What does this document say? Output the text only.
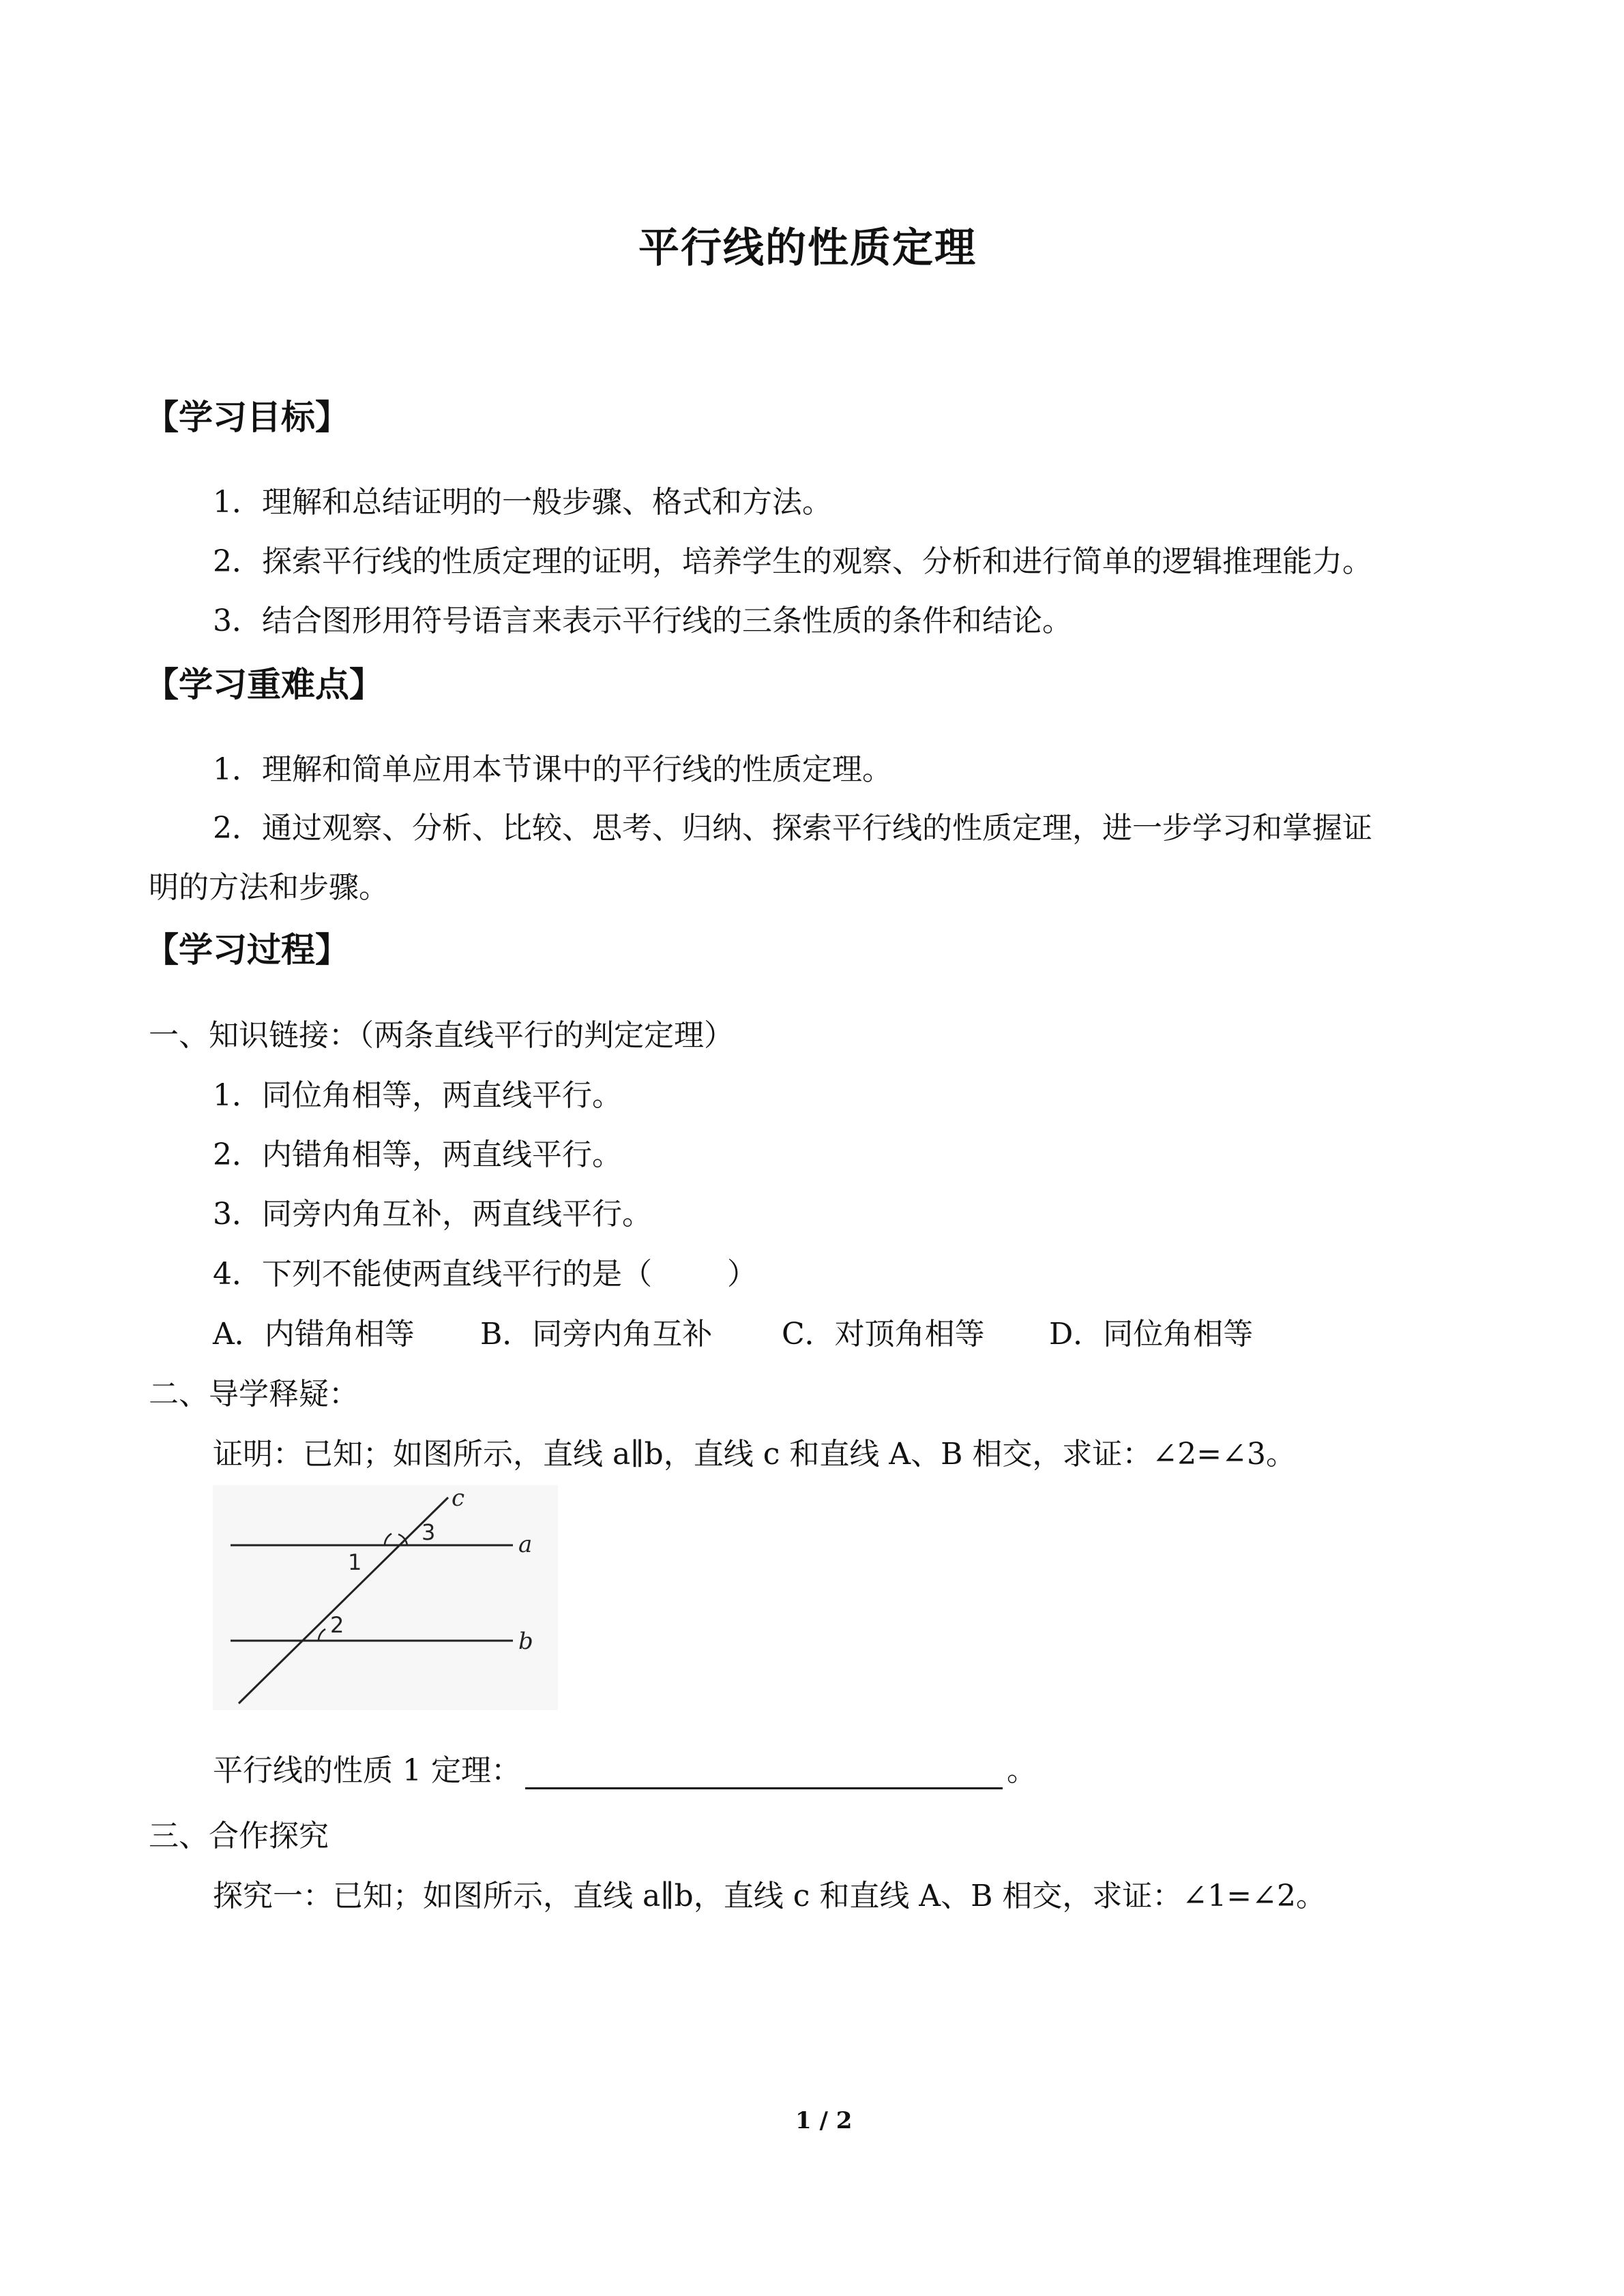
平行线的性质定理
【学习目标】
1．理解和总结证明的一般步骤、格式和方法。
2．探索平行线的性质定理的证明，培养学生的观察、分析和进行简单的逻辑推理能力。
3．结合图形用符号语言来表示平行线的三条性质的条件和结论。
【学习重难点】
1．理解和简单应用本节课中的平行线的性质定理。
2．通过观察、分析、比较、思考、归纳、探索平行线的性质定理，进一步学习和掌握证
明的方法和步骤。
【学习过程】
一、知识链接：（两条直线平行的判定定理）
1．同位角相等，两直线平行。
2．内错角相等，两直线平行。
3．同旁内角互补，两直线平行。
4．下列不能使两直线平行的是（	）
A．内错角相等 B．同旁内角互补 C．对顶角相等 D．同位角相等
二、导学释疑：
证明：已知；如图所示，直线 a∥b，直线 c 和直线 A、B 相交，求证：∠2=∠3。
c
a
b
1
2
3
平行线的性质 1 定理：	。
三、合作探究
探究一：已知；如图所示，直线 a∥b，直线 c 和直线 A、B 相交，求证：∠1=∠2。
1 / 2
